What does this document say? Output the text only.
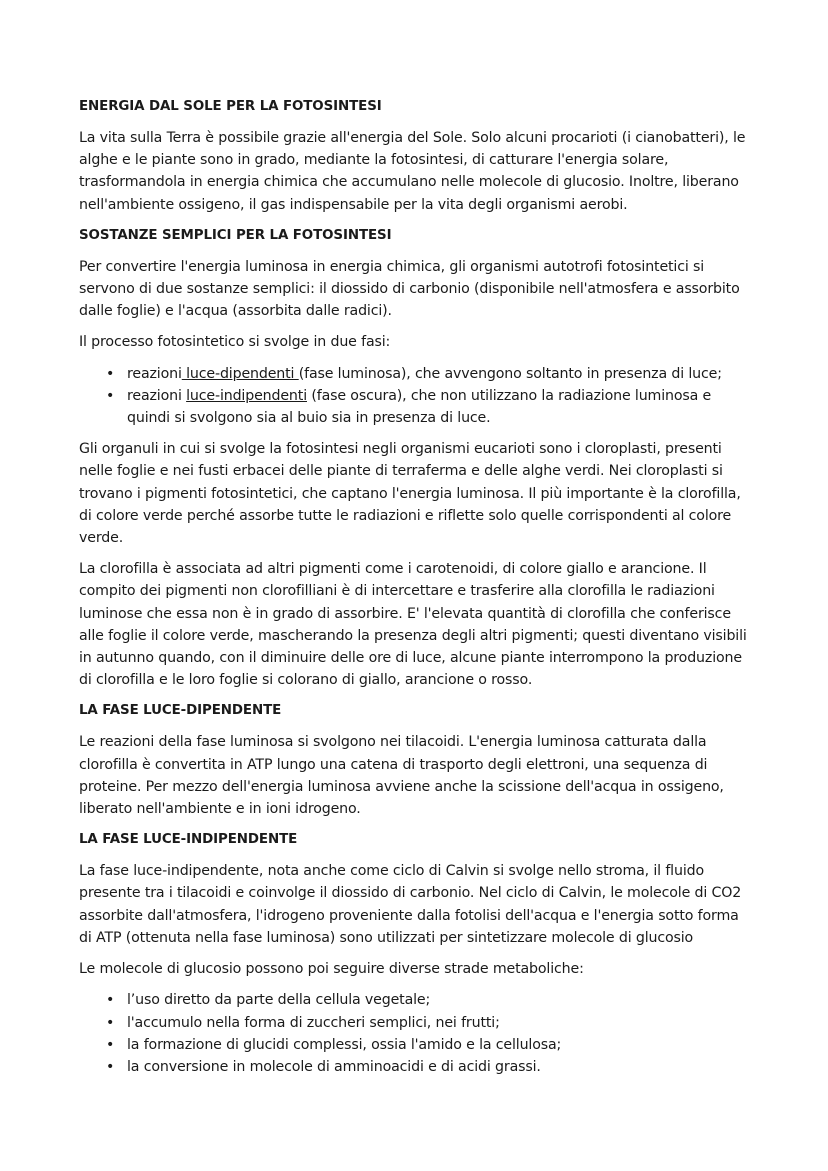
ENERGIA DAL SOLE PER LA FOTOSINTESI
La vita sulla Terra è possibile grazie all'energia del Sole. Solo alcuni procarioti (i cianobatteri), le alghe e le piante sono in grado, mediante la fotosintesi, di catturare l'energia solare, trasformandola in energia chimica che accumulano nelle molecole di glucosio. Inoltre, liberano nell'ambiente ossigeno, il gas indispensabile per la vita degli organismi aerobi.
SOSTANZE SEMPLICI PER LA FOTOSINTESI
Per convertire l'energia luminosa in energia chimica, gli organismi autotrofi fotosintetici si servono di due sostanze semplici: il diossido di carbonio (disponibile nell'atmosfera e assorbito dalle foglie) e l'acqua (assorbita dalle radici).
Il processo fotosintetico si svolge in due fasi:
• reazioni luce-dipendenti (fase luminosa), che avvengono soltanto in presenza di luce;
• reazioni luce-indipendenti (fase oscura), che non utilizzano la radiazione luminosa e quindi si svolgono sia al buio sia in presenza di luce.
Gli organuli in cui si svolge la fotosintesi negli organismi eucarioti sono i cloroplasti, presenti nelle foglie e nei fusti erbacei delle piante di terraferma e delle alghe verdi. Nei cloroplasti si trovano i pigmenti fotosintetici, che captano l'energia luminosa. Il più importante è la clorofilla, di colore verde perché assorbe tutte le radiazioni e riflette solo quelle corrispondenti al colore verde.
La clorofilla è associata ad altri pigmenti come i carotenoidi, di colore giallo e arancione. Il compito dei pigmenti non clorofilliani è di intercettare e trasferire alla clorofilla le radiazioni luminose che essa non è in grado di assorbire. E' l'elevata quantità di clorofilla che conferisce alle foglie il colore verde, mascherando la presenza degli altri pigmenti; questi diventano visibili in autunno quando, con il diminuire delle ore di luce, alcune piante interrompono la produzione di clorofilla e le loro foglie si colorano di giallo, arancione o rosso.
LA FASE LUCE-DIPENDENTE
Le reazioni della fase luminosa si svolgono nei tilacoidi. L'energia luminosa catturata dalla clorofilla è convertita in ATP lungo una catena di trasporto degli elettroni, una sequenza di proteine. Per mezzo dell'energia luminosa avviene anche la scissione dell'acqua in ossigeno, liberato nell'ambiente e in ioni idrogeno.
LA FASE LUCE-INDIPENDENTE
La fase luce-indipendente, nota anche come ciclo di Calvin si svolge nello stroma, il fluido presente tra i tilacoidi e coinvolge il diossido di carbonio. Nel ciclo di Calvin, le molecole di CO2 assorbite dall'atmosfera, l'idrogeno proveniente dalla fotolisi dell'acqua e l'energia sotto forma di ATP (ottenuta nella fase luminosa) sono utilizzati per sintetizzare molecole di glucosio
Le molecole di glucosio possono poi seguire diverse strade metaboliche:
• l’uso diretto da parte della cellula vegetale;
• l'accumulo nella forma di zuccheri semplici, nei frutti;
• la formazione di glucidi complessi, ossia l'amido e la cellulosa;
• la conversione in molecole di amminoacidi e di acidi grassi.
